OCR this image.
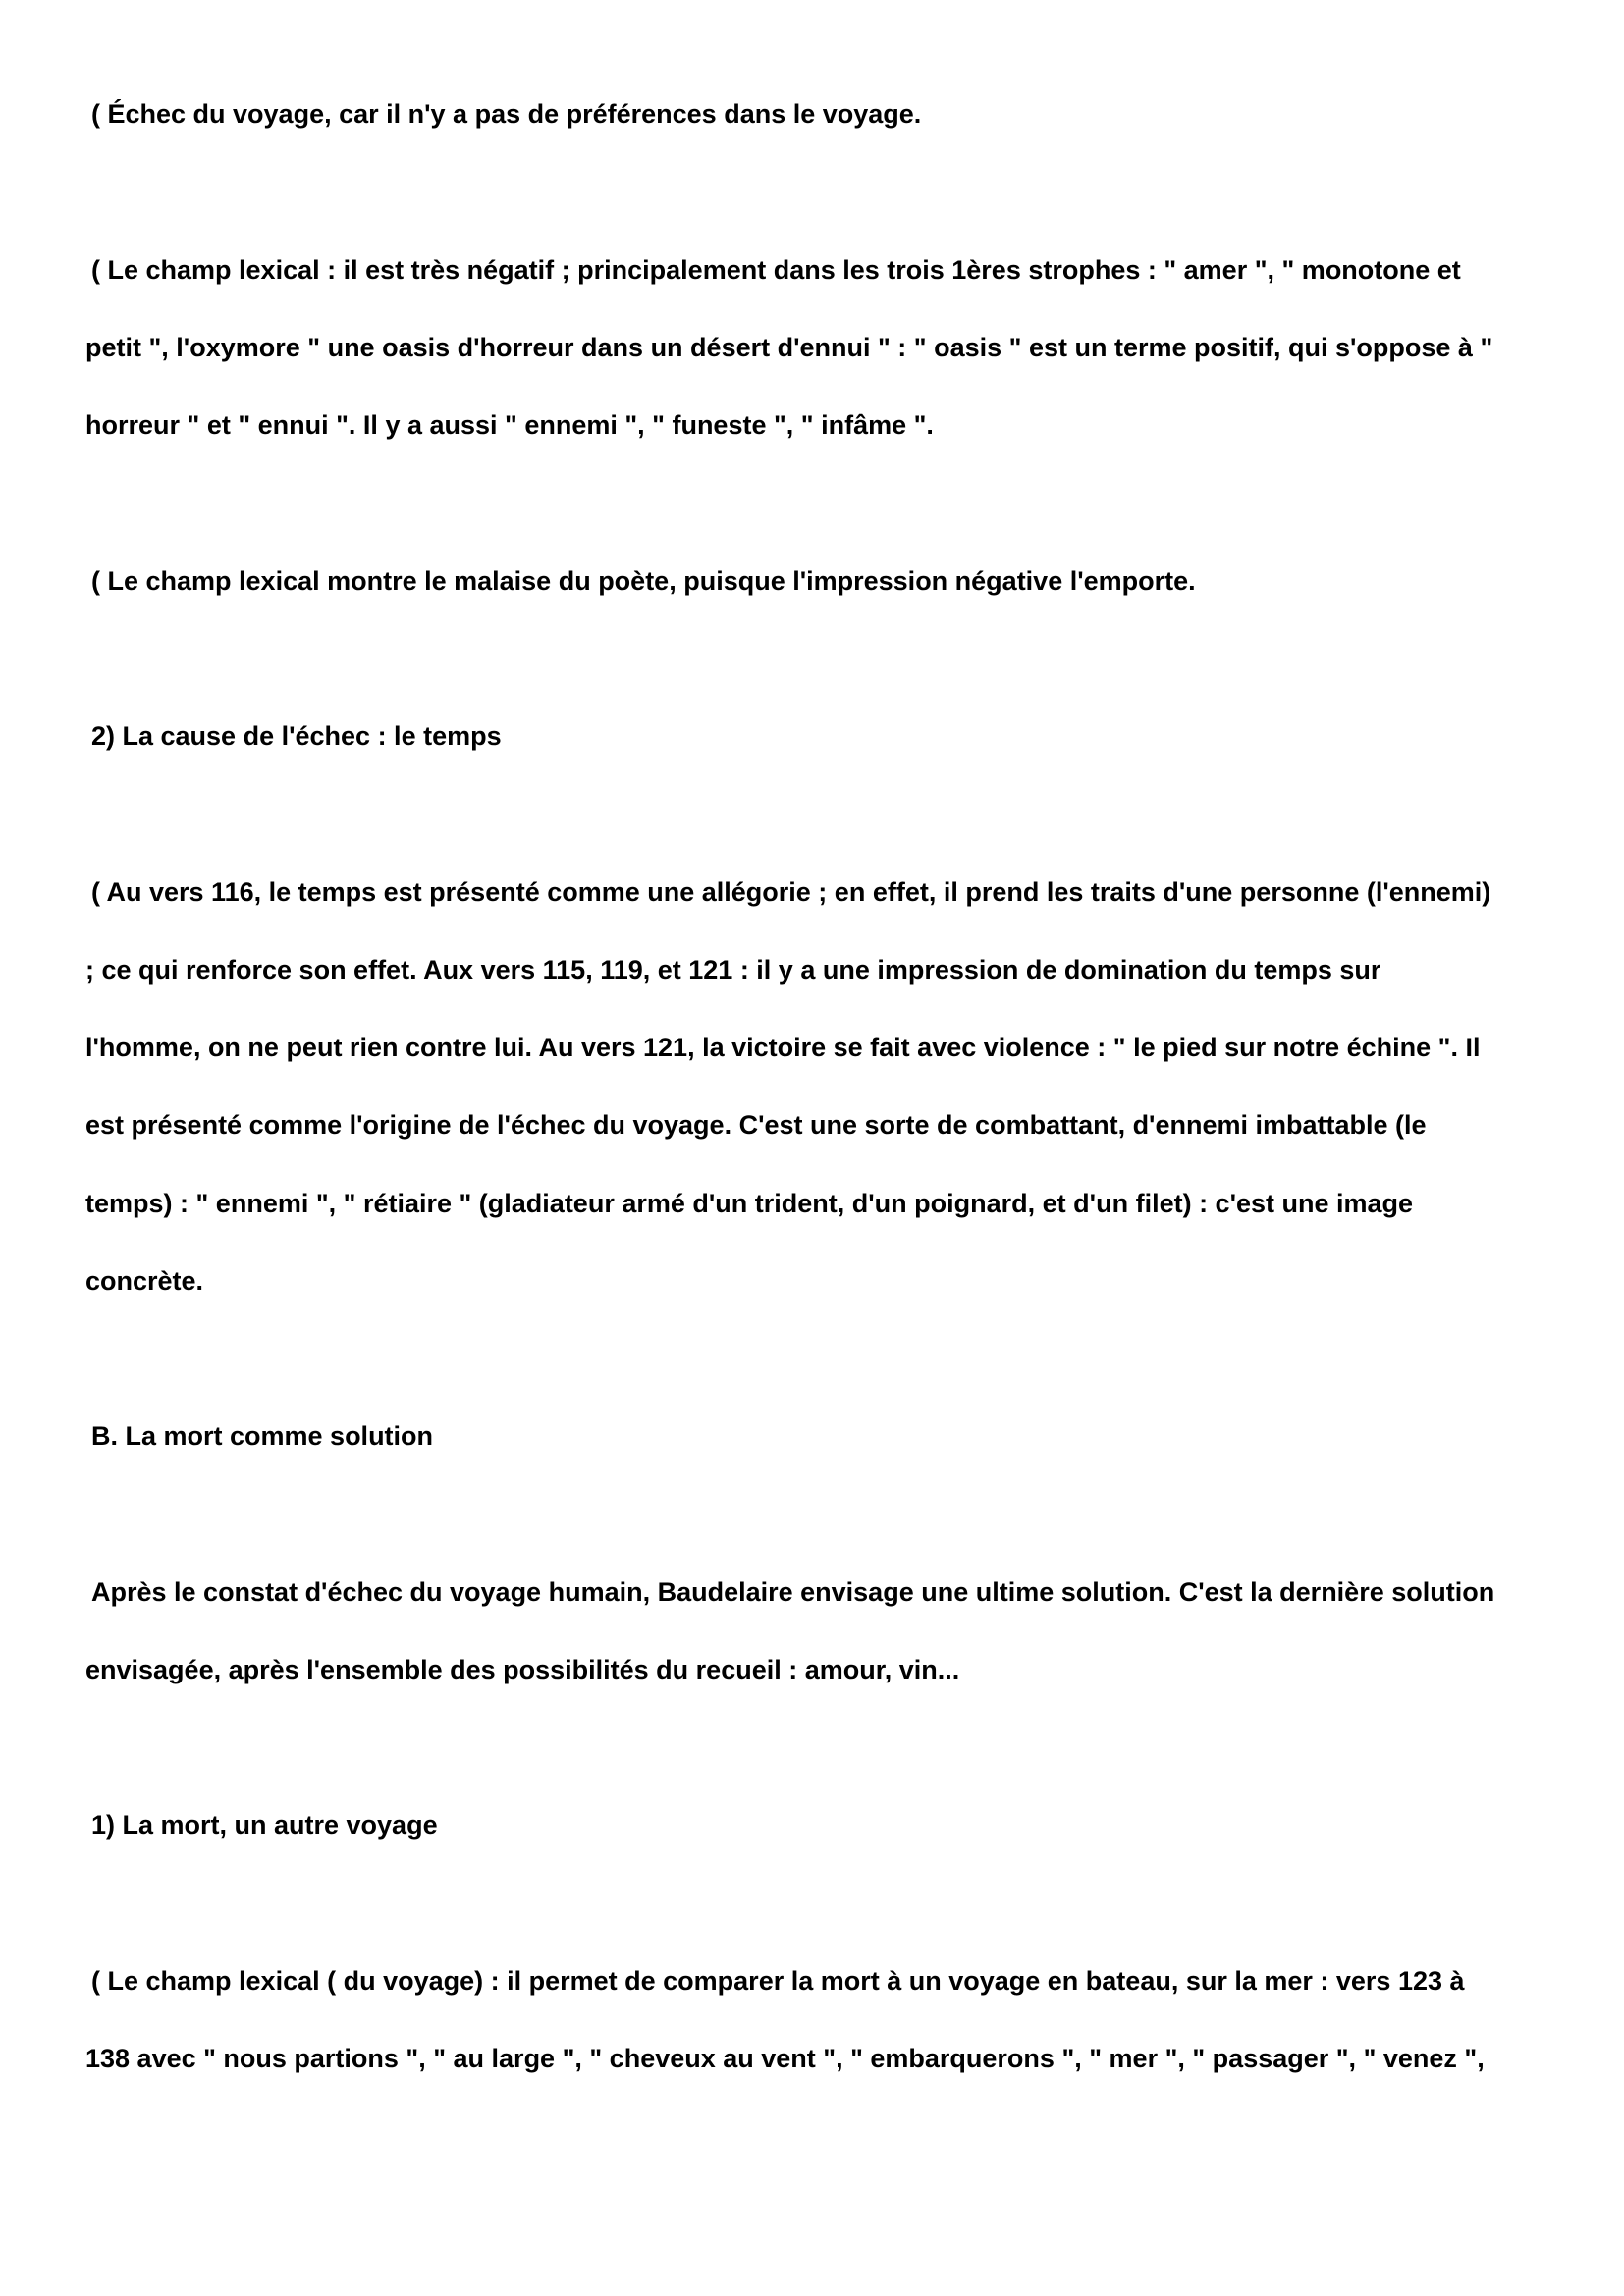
( Échec du voyage, car il n'y a pas de préférences dans le voyage.
( Le champ lexical : il est très négatif ; principalement dans les trois 1ères strophes : " amer ", " monotone et
petit ", l'oxymore " une oasis d'horreur dans un désert d'ennui " : " oasis " est un terme positif, qui s'oppose à "
horreur " et " ennui ". Il y a aussi " ennemi ", " funeste ", " infâme ".
( Le champ lexical montre le malaise du poète, puisque l'impression négative l'emporte.
2) La cause de l'échec : le temps
( Au vers 116, le temps est présenté comme une allégorie ; en effet, il prend les traits d'une personne (l'ennemi)
; ce qui renforce son effet. Aux vers 115, 119, et 121 : il y a une impression de domination du temps sur
l'homme, on ne peut rien contre lui. Au vers 121, la victoire se fait avec violence : " le pied sur notre échine ". Il
est présenté comme l'origine de l'échec du voyage. C'est une sorte de combattant, d'ennemi imbattable (le
temps) : " ennemi ", " rétiaire " (gladiateur armé d'un trident, d'un poignard, et d'un filet) : c'est une image
concrète.
B. La mort comme solution
Après le constat d'échec du voyage humain, Baudelaire envisage une ultime solution. C'est la dernière solution
envisagée, après l'ensemble des possibilités du recueil : amour, vin...
1) La mort, un autre voyage
( Le champ lexical ( du voyage) : il permet de comparer la mort à un voyage en bateau, sur la mer : vers 123 à
138 avec " nous partions ", " au large ", " cheveux au vent ", " embarquerons ", " mer ", " passager ", " venez ",
